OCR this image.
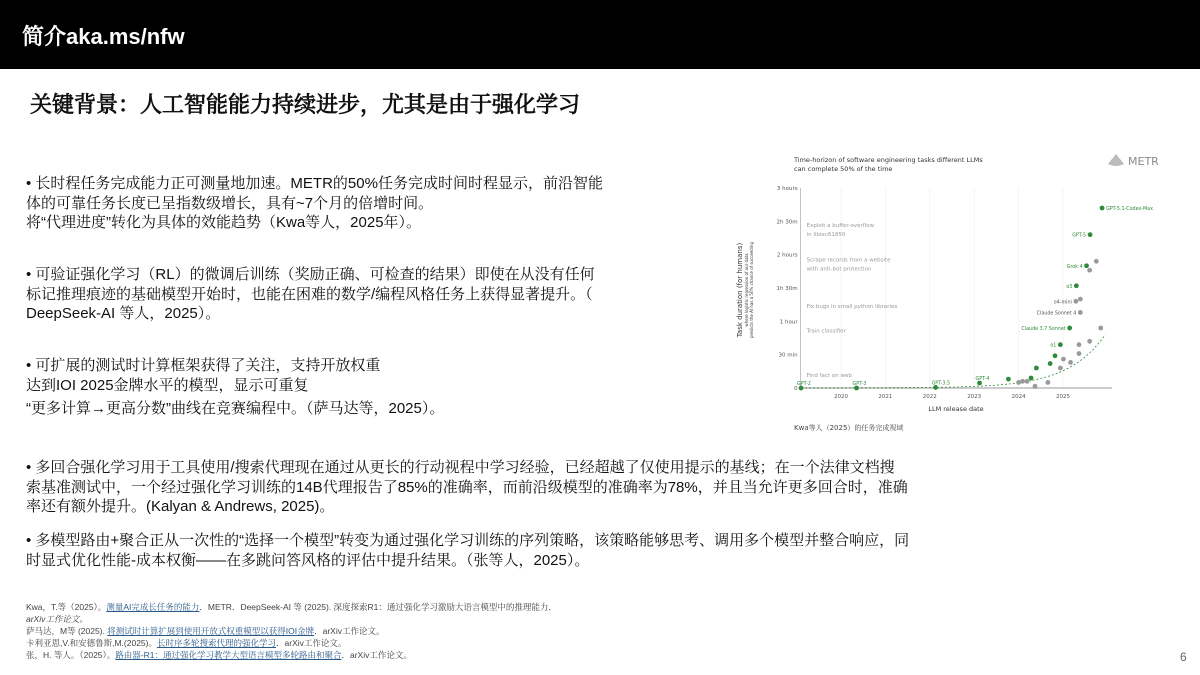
简介aka.ms/nfw
关键背景：人工智能能力持续进步，尤其是由于强化学习
• 长时程任务完成能力正可测量地加速。METR的50%任务完成时间时程显示，前沿智能
体的可靠任务长度已呈指数级增长，具有~7个月的倍增时间。
将“代理进度”转化为具体的效能趋势（Kwa等人，2025年）。
• 可验证强化学习（RL）的微调后训练（奖励正确、可检查的结果）即使在从没有任何
标记推理痕迹的基础模型开始时，也能在困难的数学/编程风格任务上获得显著提升。（
DeepSeek-AI 等人，2025）。
• 可扩展的测试时计算框架获得了关注，支持开放权重
达到IOI 2025金牌水平的模型，显示可重复
“更多计算→更高分数”曲线在竞赛编程中。（萨马达等，2025）。
• 多回合强化学习用于工具使用/搜索代理现在通过从更长的行动视程中学习经验，已经超越了仅使用提示的基线；在一个法律文档搜
索基准测试中，一个经过强化学习训练的14B代理报告了85%的准确率，而前沿级模型的准确率为78%，并且当允许更多回合时，准确
率还有额外提升。(Kalyan & Andrews, 2025)。
• 多模型路由+聚合正从一次性的“选择一个模型”转变为通过强化学习训练的序列策略，该策略能够思考、调用多个模型并整合响应，同
时显式优化性能-成本权衡——在多跳问答风格的评估中提升结果。（张等人，2025）。
Kwa，T.等（2025）。测量AI完成长任务的能力．METR．DeepSeek-AI 等 (2025). 深度探索R1：通过强化学习激励大语言模型中的推理能力．
arXiv工作论文。
萨马达，M等 (2025). 将测试时计算扩展到使用开放式权重模型以获得IOI金牌．arXiv工作论文。
卡利亚恩,V.和安德鲁斯,M.(2025)。长时序多轮搜索代理的强化学习．arXiv工作论文。
张，H. 等人。（2025）。路由器-R1：通过强化学习教学大型语言模型多轮路由和聚合．arXiv工作论文。	6
Time-horizon of software engineering tasks different LLMs
can complete 50% of the time
METR
2020	2021	2022	2023	2024	2025
0
30 min
1 hour
1h 30m
2 hours
2h 30m
3 hours
Exploit a buffer-overflow
in libiec61850
Scrape records from a website
with anti-bot protection
Fix bugs in small python libraries
Train classifier
Find fact on web
o4-mini
Claude Sonnet 4
GPT-2	GPT-3	GPT-3.5
GPT-4
o1
Claude 3.7 Sonnet
o3
Grok 4
GPT-5
GPT-5.1-Codex-Max
LLM release date
Task duration (for humans) where logistic regression of our data predicts the AI has a 50% chance of succeeding
Kwa等人（2025）的任务完成视域
